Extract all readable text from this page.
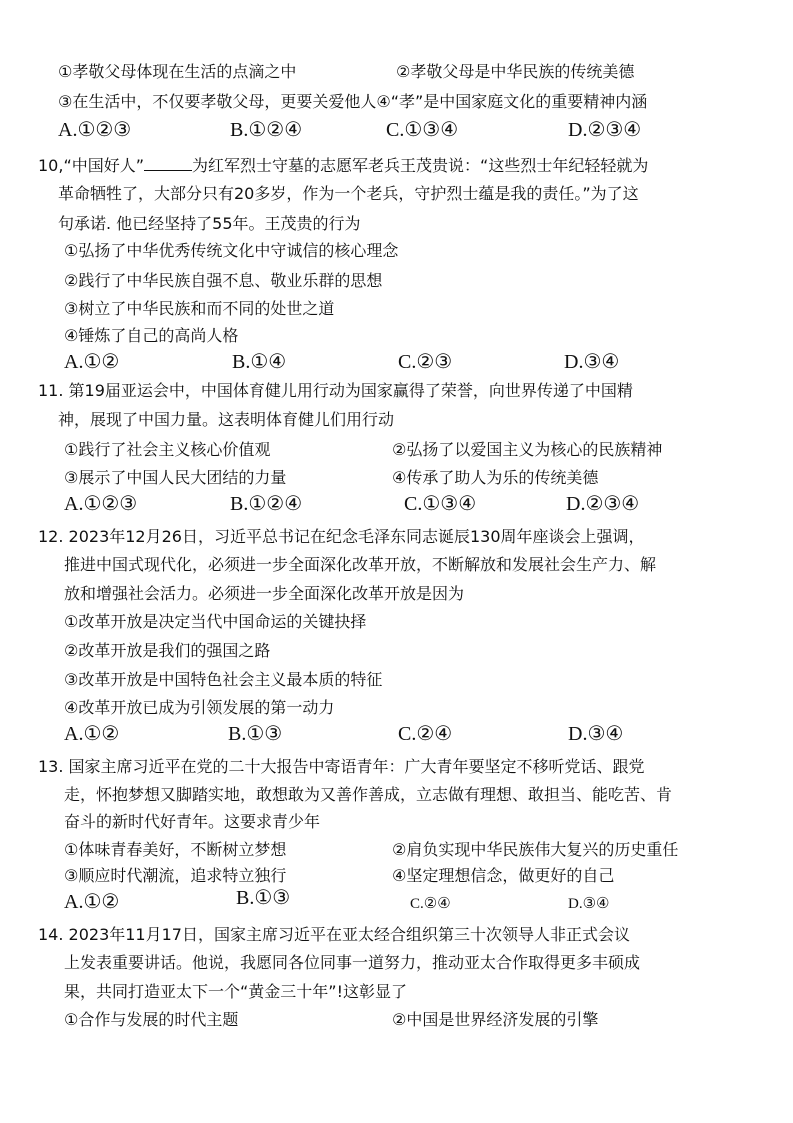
①孝敬父母体现在生活的点滴之中	②孝敬父母是中华民族的传统美德
③在生活中，不仅要孝敬父母，更要关爱他人④“孝”是中国家庭文化的重要精神内涵
A.①②③	B.①②④	C.①③④	D.②③④
10,“中国好人”	为红军烈士守墓的志愿军老兵王茂贵说：“这些烈士年纪轻轻就为
革命牺牲了，大部分只有20多岁，作为一个老兵，守护烈士蕴是我的责任。”为了这
句承诺. 他已经坚持了55年。王茂贵的行为
①弘扬了中华优秀传统文化中守诚信的核心理念
②践行了中华民族自强不息、敬业乐群的思想
③树立了中华民族和而不同的处世之道
④锤炼了自己的高尚人格
A.①②	B.①④	C.②③	D.③④
11. 第19届亚运会中，中国体育健儿用行动为国家赢得了荣誉，向世界传递了中国精
神，展现了中国力量。这表明体育健儿们用行动
①践行了社会主义核心价值观	②弘扬了以爱国主义为核心的民族精神
③展示了中国人民大团结的力量	④传承了助人为乐的传统美德
A.①②③	B.①②④	C.①③④	D.②③④
12. 2023年12月26日，习近平总书记在纪念毛泽东同志诞辰130周年座谈会上强调，
推进中国式现代化，必须进一步全面深化改革开放，不断解放和发展社会生产力、解
放和增强社会活力。必须进一步全面深化改革开放是因为
①改革开放是决定当代中国命运的关键抉择
②改革开放是我们的强国之路
③改革开放是中国特色社会主义最本质的特征
④改革开放已成为引领发展的第一动力
A.①②	B.①③	C.②④	D.③④
13. 国家主席习近平在党的二十大报告中寄语青年：广大青年要坚定不移听党话、跟党
走，怀抱梦想又脚踏实地，敢想敢为又善作善成，立志做有理想、敢担当、能吃苦、肯
奋斗的新时代好青年。这要求青少年
①体味青春美好，不断树立梦想	②肩负实现中华民族伟大复兴的历史重任
③顺应时代潮流，追求特立独行	④坚定理想信念，做更好的自己
A.①②	B.①③	C.②④	D.③④
14. 2023年11月17日，国家主席习近平在亚太经合组织第三十次领导人非正式会议
上发表重要讲话。他说，我愿同各位同事一道努力，推动亚太合作取得更多丰硕成
果，共同打造亚太下一个“黄金三十年”!这彰显了
①合作与发展的时代主题	②中国是世界经济发展的引擎
